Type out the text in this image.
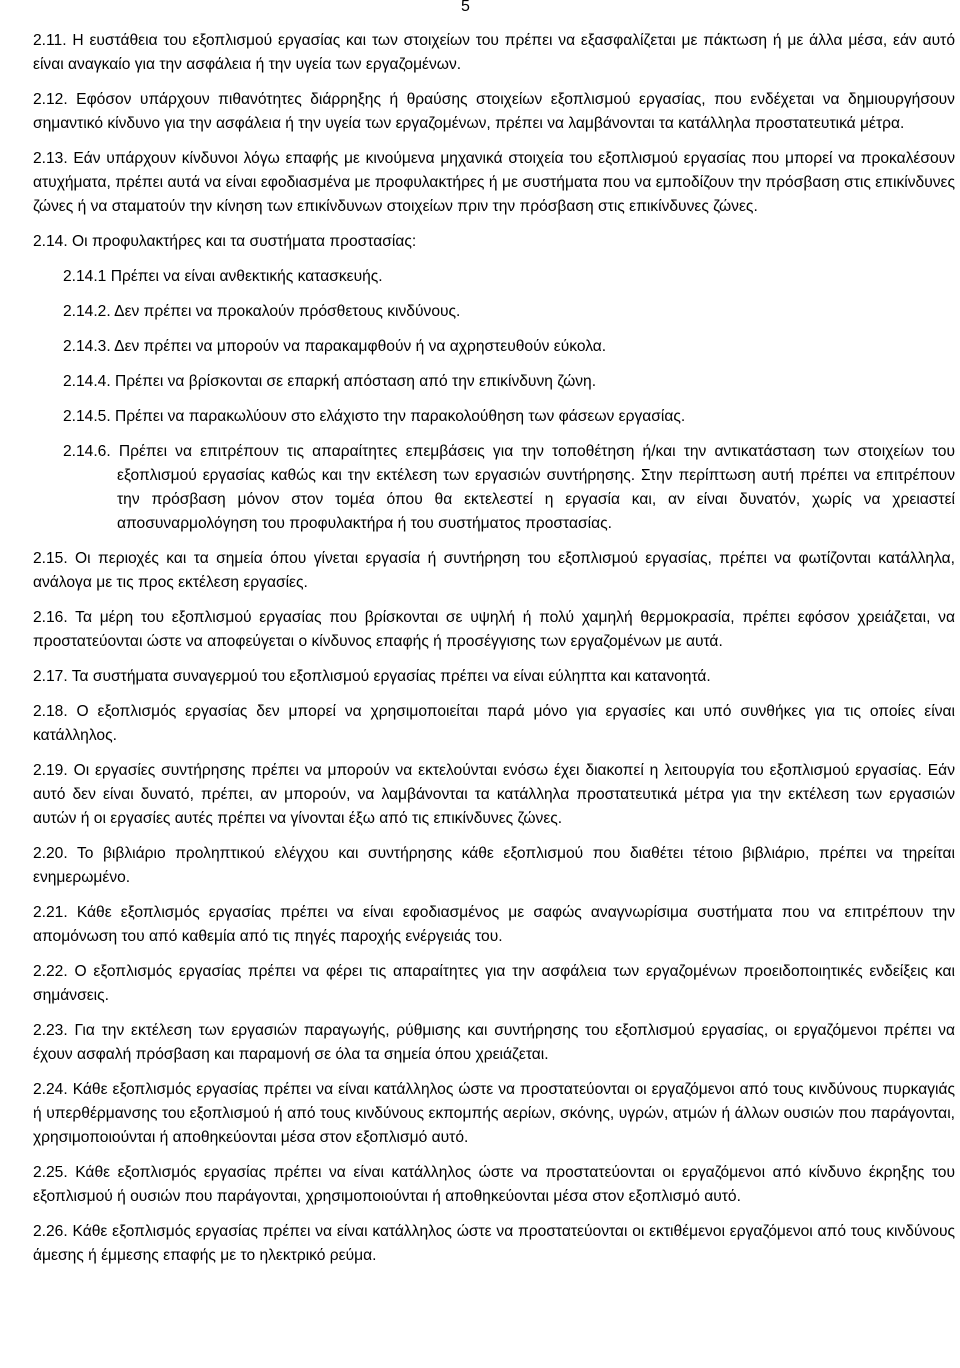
5

2.11. Η ευστάθεια του εξοπλισμού εργασίας και των στοιχείων του πρέπει να εξασφαλίζεται με πάκτωση ή με άλλα μέσα, εάν αυτό είναι αναγκαίο για την ασφάλεια ή την υγεία των εργαζομένων.

2.12. Εφόσον υπάρχουν πιθανότητες διάρρηξης ή θραύσης στοιχείων εξοπλισμού εργασίας, που ενδέχεται να δημιουργήσουν σημαντικό κίνδυνο για την ασφάλεια ή την υγεία των εργαζομένων, πρέπει να λαμβάνονται τα κατάλληλα προστατευτικά μέτρα.

2.13. Εάν υπάρχουν κίνδυνοι λόγω επαφής με κινούμενα μηχανικά στοιχεία του εξοπλισμού εργασίας που μπορεί να προκαλέσουν ατυχήματα, πρέπει αυτά να είναι εφοδιασμένα με προφυλακτήρες ή με συστήματα που να εμποδίζουν την πρόσβαση στις επικίνδυνες ζώνες ή να σταματούν την κίνηση των επικίνδυνων στοιχείων πριν την πρόσβαση στις επικίνδυνες ζώνες.

2.14. Οι προφυλακτήρες και τα συστήματα προστασίας:

2.14.1 Πρέπει να είναι ανθεκτικής κατασκευής.

2.14.2. Δεν πρέπει να προκαλούν πρόσθετους κινδύνους.

2.14.3. Δεν πρέπει να μπορούν να παρακαμφθούν ή να αχρηστευθούν εύκολα.

2.14.4. Πρέπει να βρίσκονται σε επαρκή απόσταση από την επικίνδυνη ζώνη.

2.14.5. Πρέπει να παρακωλύουν στο ελάχιστο την παρακολούθηση των φάσεων εργασίας.

2.14.6. Πρέπει να επιτρέπουν τις απαραίτητες επεμβάσεις για την τοποθέτηση ή/και την αντικατάσταση των στοιχείων του εξοπλισμού εργασίας καθώς και την εκτέλεση των εργασιών συντήρησης. Στην περίπτωση αυτή πρέπει να επιτρέπουν την πρόσβαση μόνον στον τομέα όπου θα εκτελεστεί η εργασία και, αν είναι δυνατόν, χωρίς να χρειαστεί αποσυναρμολόγηση του προφυλακτήρα ή του συστήματος προστασίας.

2.15. Οι περιοχές και τα σημεία όπου γίνεται εργασία ή συντήρηση του εξοπλισμού εργασίας, πρέπει να φωτίζονται κατάλληλα, ανάλογα με τις προς εκτέλεση εργασίες.

2.16. Τα μέρη του εξοπλισμού εργασίας που βρίσκονται σε υψηλή ή πολύ χαμηλή θερμοκρασία, πρέπει εφόσον χρειάζεται, να προστατεύονται ώστε να αποφεύγεται ο κίνδυνος επαφής ή προσέγγισης των εργαζομένων με αυτά.

2.17. Τα συστήματα συναγερμού του εξοπλισμού εργασίας πρέπει να είναι εύληπτα και κατανοητά.

2.18. Ο εξοπλισμός εργασίας δεν μπορεί να χρησιμοποιείται παρά μόνο για εργασίες και υπό συνθήκες για τις οποίες είναι κατάλληλος.

2.19. Οι εργασίες συντήρησης πρέπει να μπορούν να εκτελούνται ενόσω έχει διακοπεί η λειτουργία του εξοπλισμού εργασίας. Εάν αυτό δεν είναι δυνατό, πρέπει, αν μπορούν, να λαμβάνονται τα κατάλληλα προστατευτικά μέτρα για την εκτέλεση των εργασιών αυτών ή οι εργασίες αυτές πρέπει να γίνονται έξω από τις επικίνδυνες ζώνες.

2.20. Το βιβλιάριο προληπτικού ελέγχου και συντήρησης κάθε εξοπλισμού που διαθέτει τέτοιο βιβλιάριο, πρέπει να τηρείται ενημερωμένο.

2.21. Κάθε εξοπλισμός εργασίας πρέπει να είναι εφοδιασμένος με σαφώς αναγνωρίσιμα συστήματα που να επιτρέπουν την απομόνωση του από καθεμία από τις πηγές παροχής ενέργειάς του.

2.22. Ο εξοπλισμός εργασίας πρέπει να φέρει τις απαραίτητες για την ασφάλεια των εργαζομένων προειδοποιητικές ενδείξεις και σημάνσεις.

2.23. Για την εκτέλεση των εργασιών παραγωγής, ρύθμισης και συντήρησης του εξοπλισμού εργασίας, οι εργαζόμενοι πρέπει να έχουν ασφαλή πρόσβαση και παραμονή σε όλα τα σημεία όπου χρειάζεται.

2.24. Κάθε εξοπλισμός εργασίας πρέπει να είναι κατάλληλος ώστε να προστατεύονται οι εργαζόμενοι από τους κινδύνους πυρκαγιάς ή υπερθέρμανσης του εξοπλισμού ή από τους κινδύνους εκπομπής αερίων, σκόνης, υγρών, ατμών ή άλλων ουσιών που παράγονται, χρησιμοποιούνται ή αποθηκεύονται μέσα στον εξοπλισμό αυτό.

2.25. Κάθε εξοπλισμός εργασίας πρέπει να είναι κατάλληλος ώστε να προστατεύονται οι εργαζόμενοι από κίνδυνο έκρηξης του εξοπλισμού ή ουσιών που παράγονται, χρησιμοποιούνται ή αποθηκεύονται μέσα στον εξοπλισμό αυτό.

2.26. Κάθε εξοπλισμός εργασίας πρέπει να είναι κατάλληλος ώστε να προστατεύονται οι εκτιθέμενοι εργαζόμενοι από τους κινδύνους άμεσης ή έμμεσης επαφής με το ηλεκτρικό ρεύμα.
